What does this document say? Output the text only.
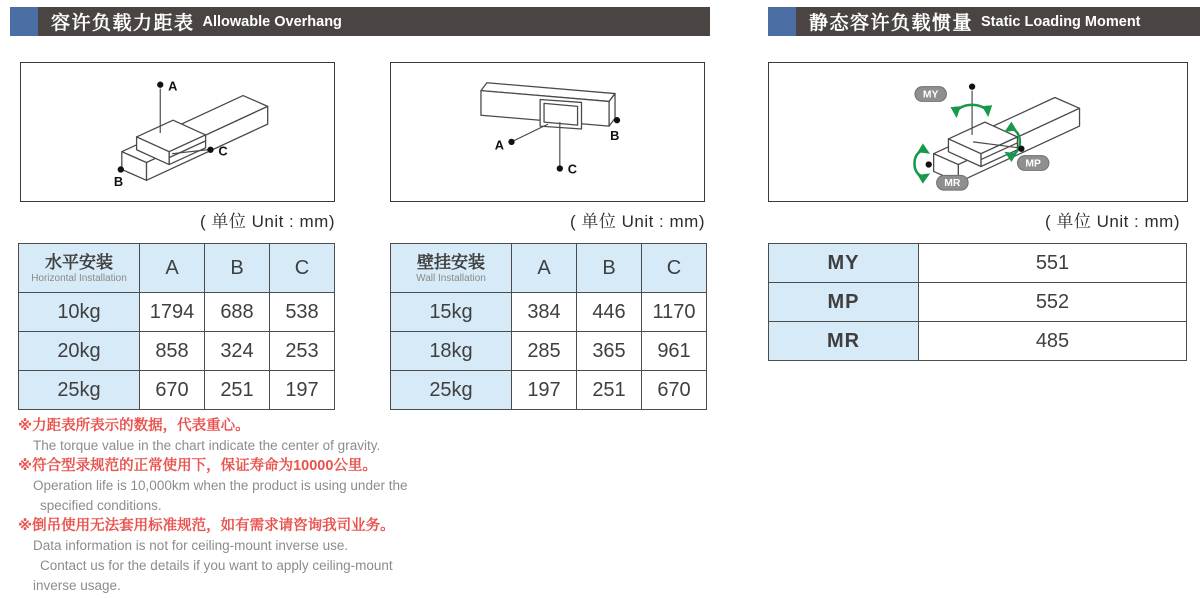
容许负载力距表 Allowable Overhang	静态容许负载惯量 Static Loading Moment
A
B
C	A
B
C
MY
MP
MR
( 单位 Unit : mm)	( 单位 Unit : mm)	( 单位 Unit : mm)
水平安装
Horizontal Installation	A	B	C
10kg	1794	688	538
20kg	858	324	253
25kg	670	251	197
壁挂安装
Wall Installation	A	B	C
15kg	384	446	1170
18kg	285	365	961
25kg	197	251	670
MY	551
MP	552
MR	485
※力距表所表示的数据，代表重心。
The torque value in the chart indicate the center of gravity.
※符合型录规范的正常使用下，保证寿命为10000公里。
Operation life is 10,000km when the product is using under the
specified conditions.
※倒吊使用无法套用标准规范，如有需求请咨询我司业务。
Data information is not for ceiling-mount inverse use.
Contact us for the details if you want to apply ceiling-mount
inverse usage.
